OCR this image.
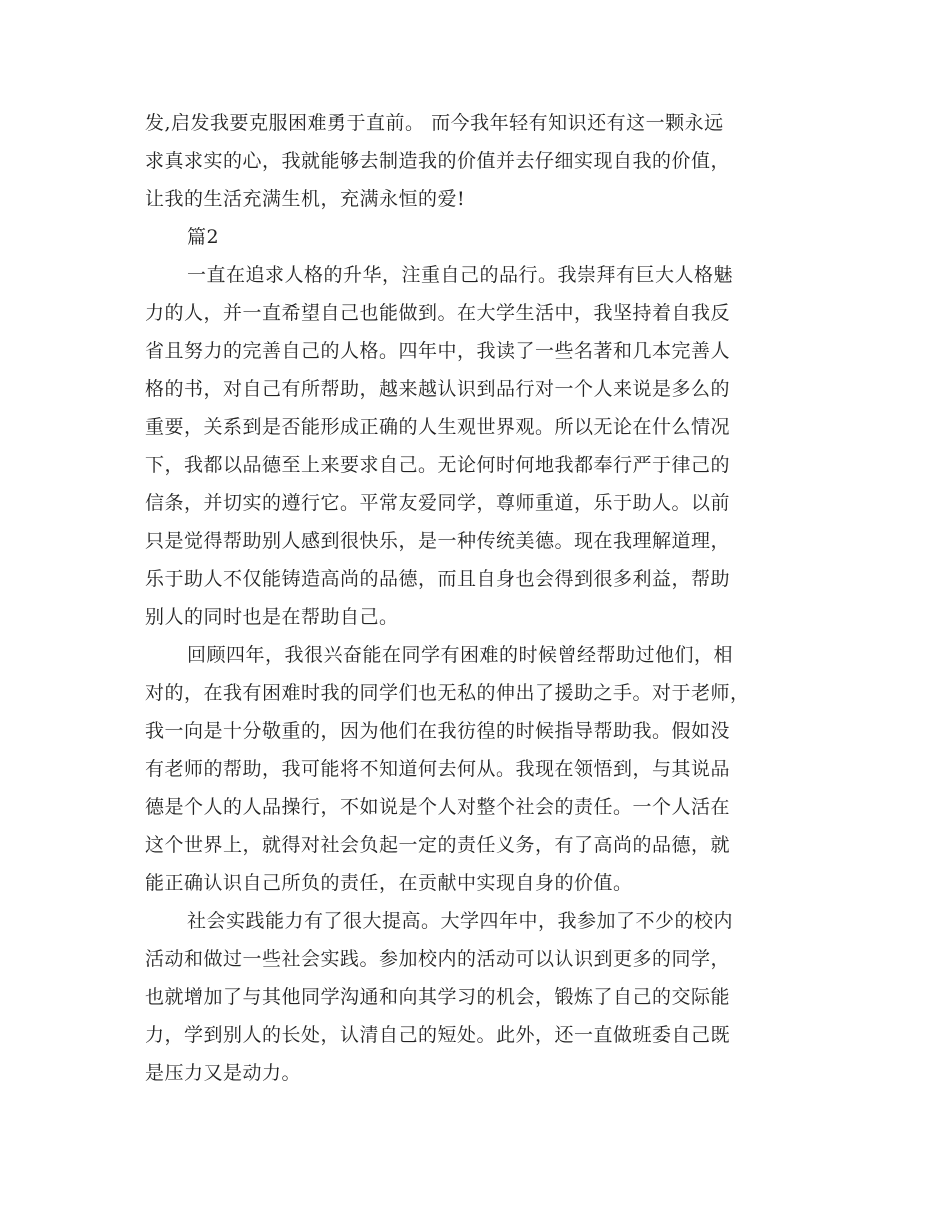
发,启发我要克服困难勇于直前。 而今我年轻有知识还有这一颗永远
求真求实的心，我就能够去制造我的价值并去仔细实现自我的价值，
让我的生活充满生机，充满永恒的爱!
篇2
一直在追求人格的升华，注重自己的品行。我崇拜有巨大人格魅
力的人，并一直希望自己也能做到。在大学生活中，我坚持着自我反
省且努力的完善自己的人格。四年中，我读了一些名著和几本完善人
格的书，对自己有所帮助，越来越认识到品行对一个人来说是多么的
重要，关系到是否能形成正确的人生观世界观。所以无论在什么情况
下，我都以品德至上来要求自己。无论何时何地我都奉行严于律己的
信条，并切实的遵行它。平常友爱同学，尊师重道，乐于助人。以前
只是觉得帮助别人感到很快乐，是一种传统美德。现在我理解道理，
乐于助人不仅能铸造高尚的品德，而且自身也会得到很多利益，帮助
别人的同时也是在帮助自己。
回顾四年，我很兴奋能在同学有困难的时候曾经帮助过他们，相
对的，在我有困难时我的同学们也无私的伸出了援助之手。对于老师，
我一向是十分敬重的，因为他们在我彷徨的时候指导帮助我。假如没
有老师的帮助，我可能将不知道何去何从。我现在领悟到，与其说品
德是个人的人品操行，不如说是个人对整个社会的责任。一个人活在
这个世界上，就得对社会负起一定的责任义务，有了高尚的品德，就
能正确认识自己所负的责任，在贡献中实现自身的价值。
社会实践能力有了很大提高。大学四年中，我参加了不少的校内
活动和做过一些社会实践。参加校内的活动可以认识到更多的同学，
也就增加了与其他同学沟通和向其学习的机会，锻炼了自己的交际能
力，学到别人的长处，认清自己的短处。此外，还一直做班委自己既
是压力又是动力。
